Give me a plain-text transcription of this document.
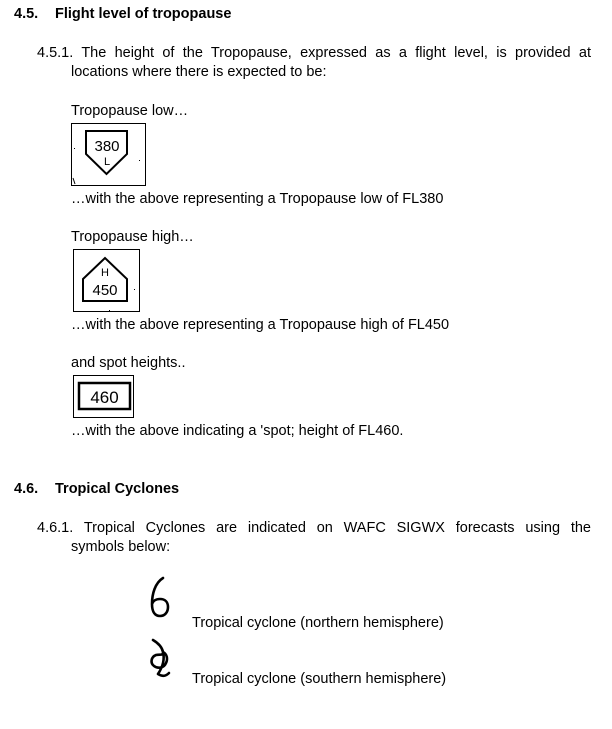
4.5. Flight level of tropopause
4.5.1. The height of the Tropopause, expressed as a flight level, is provided at
locations where there is expected to be:
Tropopause low…
380
L
…with the above representing a Tropopause low of FL380
Tropopause high…
H
450
…with the above representing a Tropopause high of FL450
and spot heights..
460
…with the above indicating a 'spot; height of FL460.
4.6. Tropical Cyclones
4.6.1. Tropical Cyclones are indicated on WAFC SIGWX forecasts using the
symbols below:
Tropical cyclone (northern hemisphere)
Tropical cyclone (southern hemisphere)
